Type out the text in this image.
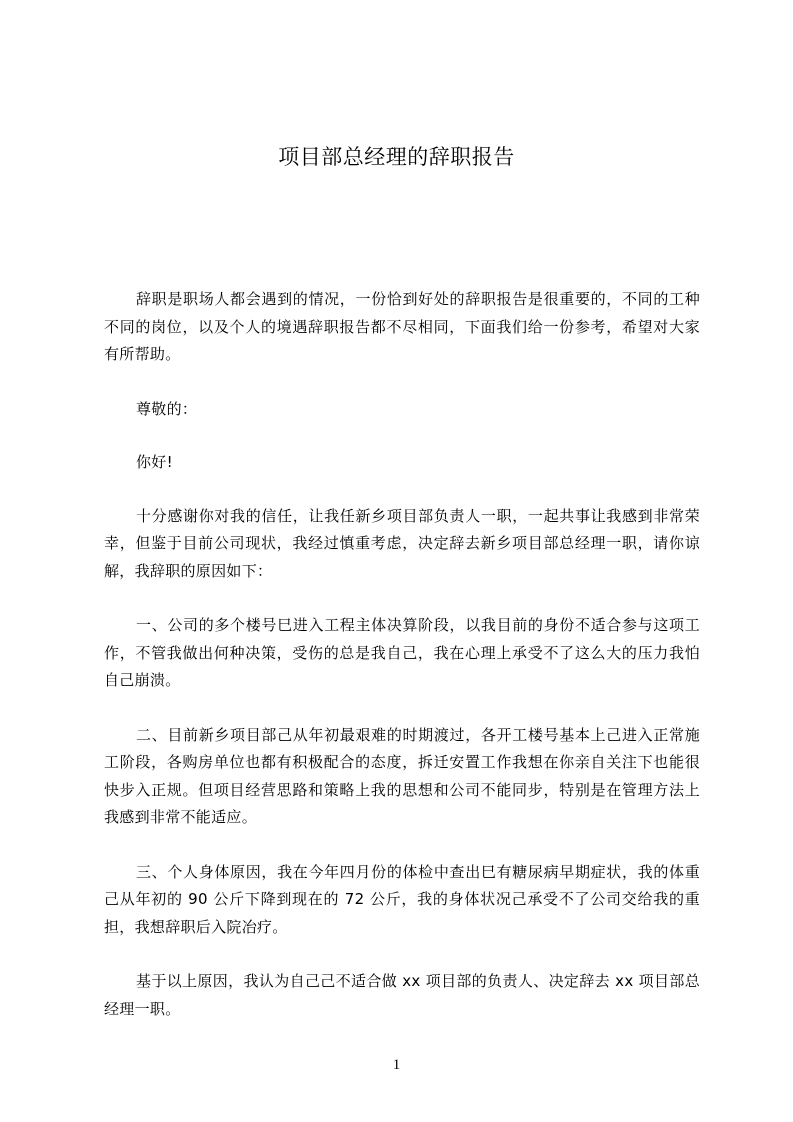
项目部总经理的辞职报告

辞职是职场人都会遇到的情况，一份恰到好处的辞职报告是很重要的，不同的工种不同的岗位，以及个人的境遇辞职报告都不尽相同，下面我们给一份参考，希望对大家有所帮助。

尊敬的：

你好!

十分感谢你对我的信任，让我任新乡项目部负责人一职，一起共事让我感到非常荣幸，但鉴于目前公司现状，我经过慎重考虑，决定辞去新乡项目部总经理一职，请你谅解，我辞职的原因如下：

一、公司的多个楼号巳进入工程主体决算阶段，以我目前的身份不适合参与这项工作，不管我做出何种决策，受伤的总是我自己，我在心理上承受不了这么大的压力我怕自己崩溃。

二、目前新乡项目部己从年初最艰难的时期渡过，各开工楼号基本上己进入正常施工阶段，各购房单位也都有积极配合的态度，拆迁安置工作我想在你亲自关注下也能很快步入正规。但项目经营思路和策略上我的思想和公司不能同步，特别是在管理方法上我感到非常不能适应。

三、个人身体原因，我在今年四月份的体检中查出巳有糖尿病早期症状，我的体重己从年初的 90 公斤下降到现在的 72 公斤，我的身体状况己承受不了公司交给我的重担，我想辞职后入院冶疗。

基于以上原因，我认为自己己不适合做 xx 项目部的负责人、决定辞去 xx 项目部总经理一职。

1
